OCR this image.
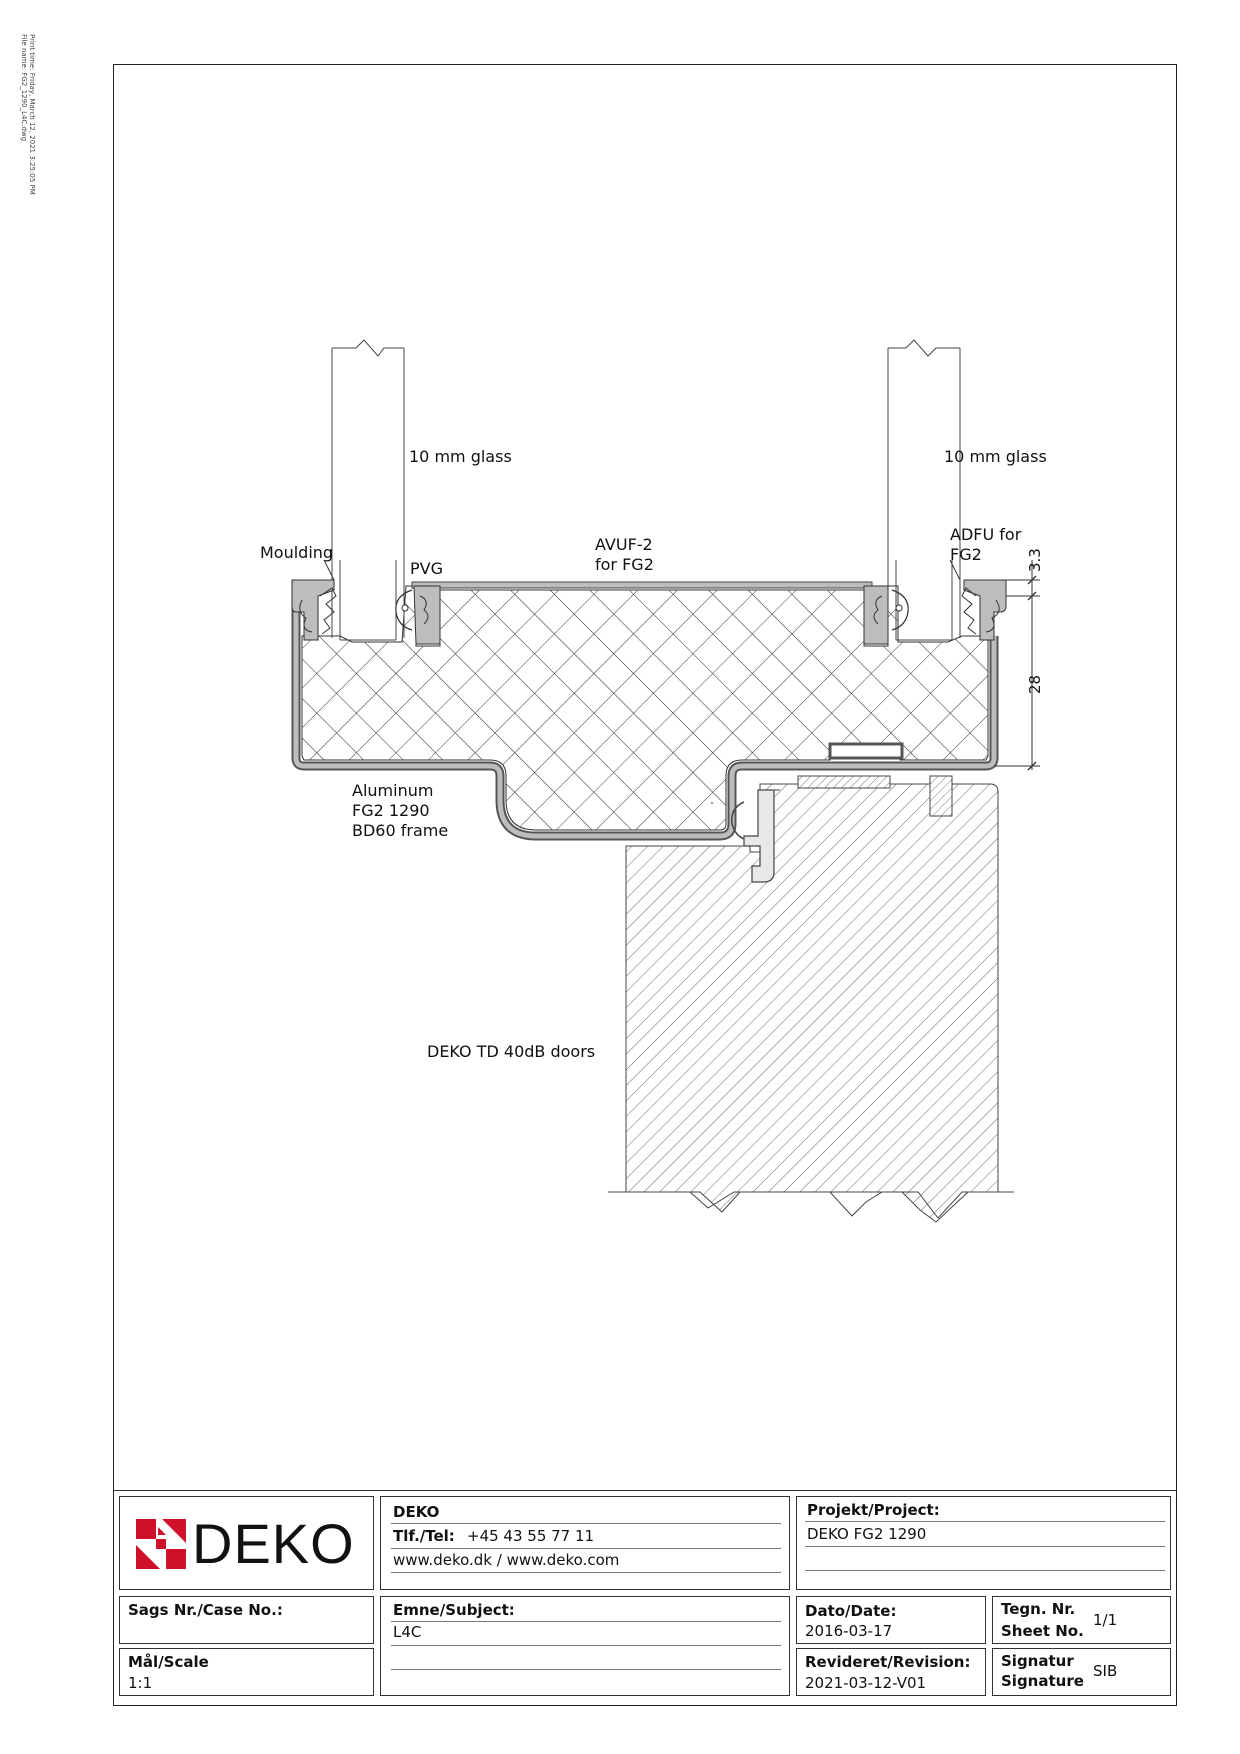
Print time: Friday, March 12, 2021 3:25:05 PM
File name: FG2_1290_L4C.dwg
10 mm glass	10 mm glass
Moulding
PVG
AVUF-2
for FG2
ADFU for
FG2	3.3
28
Aluminum
FG2 1290
BD60 frame
DEKO TD 40dB doors
DEKO	DEKO
Tlf./Tel: +45 43 55 77 11
www.deko.dk / www.deko.com
Projekt/Project:
DEKO FG2 1290
Sags Nr./Case No.:	Emne/Subject:
L4C
Dato/Date:
2016-03-17
Tegn. Nr.
Sheet No.
1/1
Mål/Scale
1:1
Revideret/Revision:
2021-03-12-V01
Signatur
Signature
SIB
